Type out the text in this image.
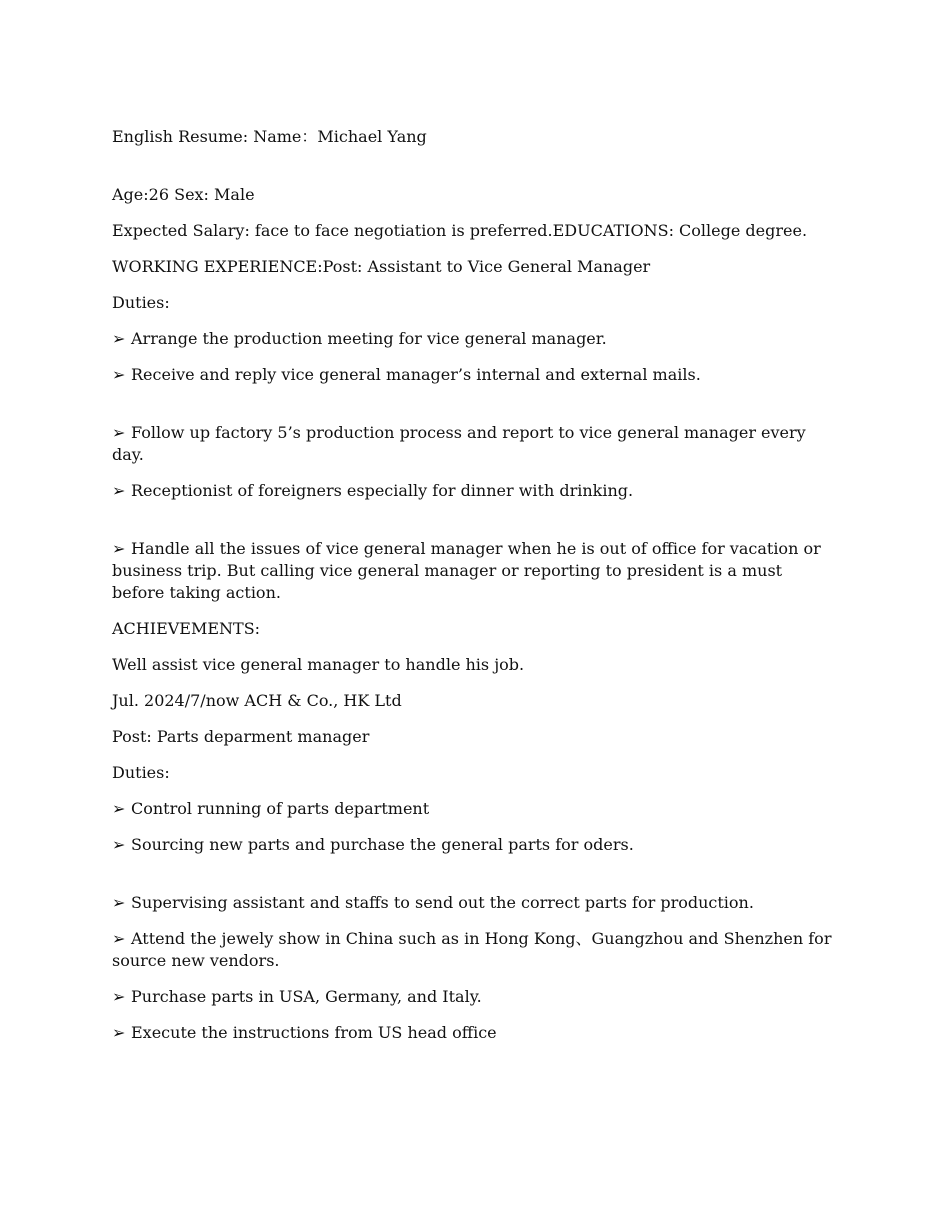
English Resume: Name：Michael Yang

Age:26 Sex: Male

Expected Salary: face to face negotiation is preferred.EDUCATIONS: College degree.

WORKING EXPERIENCE:Post: Assistant to Vice General Manager

Duties:

➢ Arrange the production meeting for vice general manager.

➢ Receive and reply vice general manager’s internal and external mails.

➢ Follow up factory 5’s production process and report to vice general manager every day.

➢ Receptionist of foreigners especially for dinner with drinking.

➢ Handle all the issues of vice general manager when he is out of office for vacation or business trip. But calling vice general manager or reporting to president is a must before taking action.

ACHIEVEMENTS:

Well assist vice general manager to handle his job.

Jul. 2024/7/now ACH & Co., HK Ltd

Post: Parts deparment manager

Duties:

➢ Control running of parts department

➢ Sourcing new parts and purchase the general parts for oders.

➢ Supervising assistant and staffs to send out the correct parts for production.

➢ Attend the jewely show in China such as in Hong Kong、Guangzhou and Shenzhen for source new vendors.

➢ Purchase parts in USA, Germany, and Italy.

➢ Execute the instructions from US head office
